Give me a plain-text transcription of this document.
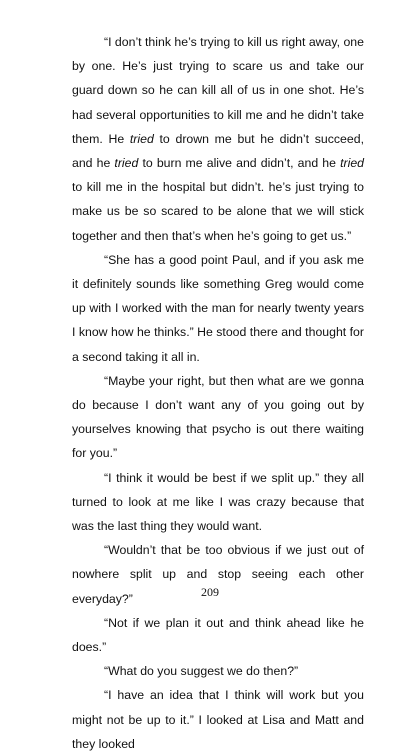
“I don’t think he’s trying to kill us right away, one by one. He’s just trying to scare us and take our guard down so he can kill all of us in one shot. He’s had several opportunities to kill me and he didn’t take them. He tried to drown me but he didn’t succeed, and he tried to burn me alive and didn’t, and he tried to kill me in the hospital but didn’t. he’s just trying to make us be so scared to be alone that we will stick together and then that’s when he’s going to get us.”

“She has a good point Paul, and if you ask me it definitely sounds like something Greg would come up with I worked with the man for nearly twenty years I know how he thinks.” He stood there and thought for a second taking it all in.

“Maybe your right, but then what are we gonna do because I don’t want any of you going out by yourselves knowing that psycho is out there waiting for you.”

“I think it would be best if we split up.” they all turned to look at me like I was crazy because that was the last thing they would want.

“Wouldn’t that be too obvious if we just out of nowhere split up and stop seeing each other everyday?”

“Not if we plan it out and think ahead like he does.”

“What do you suggest we do then?”

“I have an idea that I think will work but you might not be up to it.” I looked at Lisa and Matt and they looked

209
